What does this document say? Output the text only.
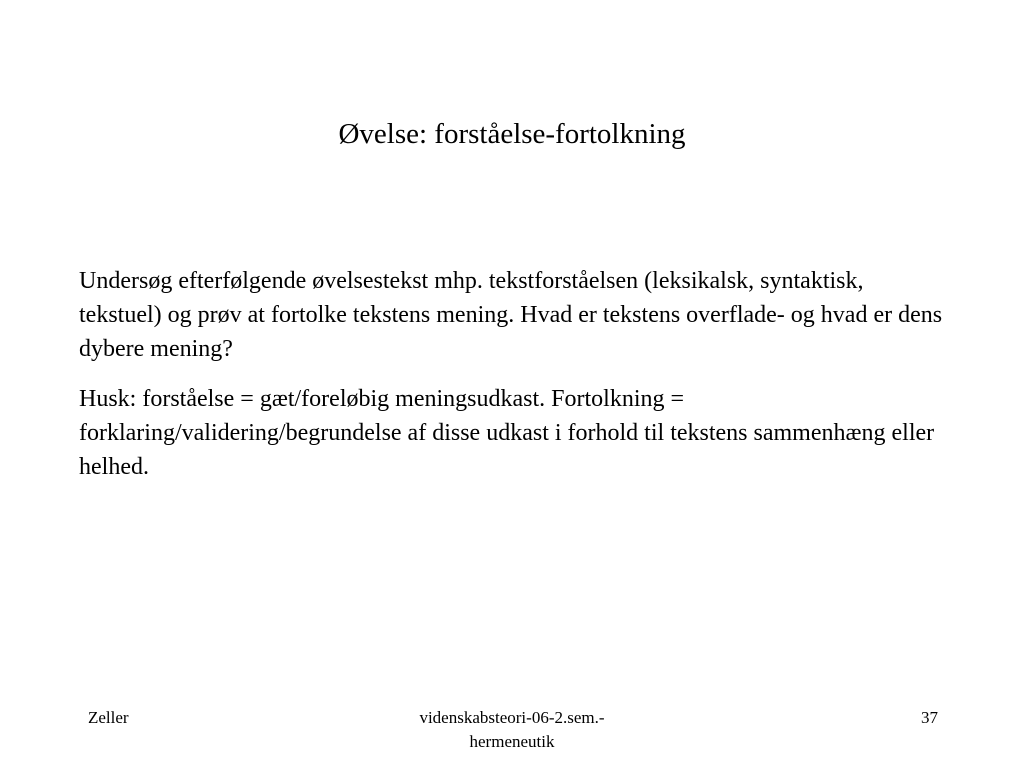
Øvelse: forståelse-fortolkning

Undersøg efterfølgende øvelsestekst mhp. tekstforståelsen (leksikalsk, syntaktisk, tekstuel) og prøv at fortolke tekstens mening. Hvad er tekstens overflade- og hvad er dens dybere mening?

Husk: forståelse = gæt/foreløbig meningsudkast. Fortolkning = forklaring/validering/begrundelse af disse udkast i forhold til tekstens sammenhæng eller helhed.

Zeller	videnskabsteori-06-2.sem.-
hermeneutik
37
